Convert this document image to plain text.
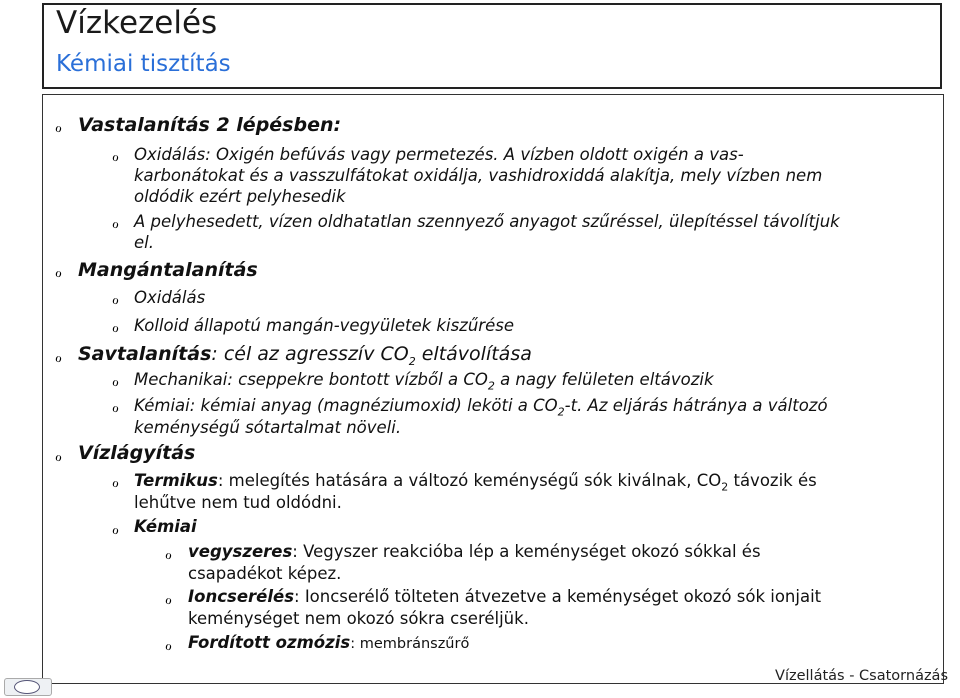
Vízkezelés
Kémiai tisztítás
ℴ Vastalanítás 2 lépésben:
ℴ Oxidálás: Oxigén befúvás vagy permetezés. A vízben oldott oxigén a vas-
karbonátokat és a vasszulfátokat oxidálja, vashidroxiddá alakítja, mely vízben nem
oldódik ezért pelyhesedik
ℴ A pelyhesedett, vízen oldhatatlan szennyező anyagot szűréssel, ülepítéssel távolítjuk
el.
ℴ Mangántalanítás
ℴ Oxidálás
ℴ Kolloid állapotú mangán-vegyületek kiszűrése
ℴ Savtalanítás: cél az agresszív $CO_2$ eltávolítása
ℴ Mechanikai: cseppekre bontott vízből a $CO_2$ a nagy felületen eltávozik
ℴ Kémiai: kémiai anyag (magnéziumoxid) leköti a $CO_2-t$. Az eljárás hátránya a változó
keménységű sótartalmat növeli.
ℴ Vízlágyítás
ℴ Termikus: melegítés hatására a változó keménységű sók kiválnak, $CO_2$ távozik és
lehűtve nem tud oldódni.
ℴ Kémiai
ℴ vegyszeres: Vegyszer reakcióba lép a keménységet okozó sókkal és
csapadékot képez.
ℴ Ioncserélés: Ioncserélő tölteten átvezetve a keménységet okozó sók ionjait
keménységet nem okozó sókra cseréljük.
ℴ Fordított ozmózis: membránszűrő
Vízellátás - Csatornázás
